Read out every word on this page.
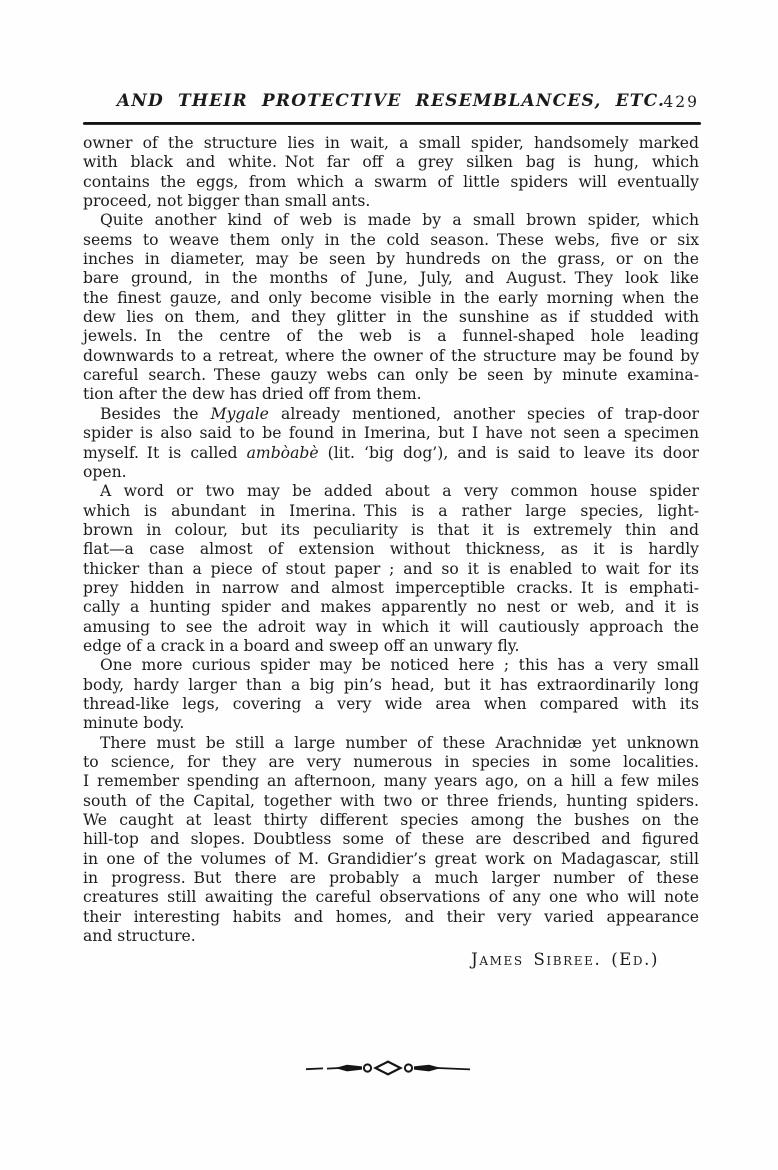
AND THEIR PROTECTIVE RESEMBLANCES, ETC.
429
owner of the structure lies in wait, a small spider, handsomely marked
with black and white. Not far off a grey silken bag is hung, which
contains the eggs, from which a swarm of little spiders will eventually
proceed, not bigger than small ants.
Quite another kind of web is made by a small brown spider, which
seems to weave them only in the cold season. These webs, five or six
inches in diameter, may be seen by hundreds on the grass, or on the
bare ground, in the months of June, July, and August. They look like
the finest gauze, and only become visible in the early morning when the
dew lies on them, and they glitter in the sunshine as if studded with
jewels. In the centre of the web is a funnel-shaped hole leading
downwards to a retreat, where the owner of the structure may be found by
careful search. These gauzy webs can only be seen by minute examina-
tion after the dew has dried off from them.
Besides the Mygale already mentioned, another species of trap-door
spider is also said to be found in Imerina, but I have not seen a specimen
myself. It is called ambòabè (lit. ‘big dog’), and is said to leave its door
open.
A word or two may be added about a very common house spider
which is abundant in Imerina. This is a rather large species, light-
brown in colour, but its peculiarity is that it is extremely thin and
flat—a case almost of extension without thickness, as it is hardly
thicker than a piece of stout paper ; and so it is enabled to wait for its
prey hidden in narrow and almost imperceptible cracks. It is emphati-
cally a hunting spider and makes apparently no nest or web, and it is
amusing to see the adroit way in which it will cautiously approach the
edge of a crack in a board and sweep off an unwary fly.
One more curious spider may be noticed here ; this has a very small
body, hardy larger than a big pin’s head, but it has extraordinarily long
thread-like legs, covering a very wide area when compared with its
minute body.
There must be still a large number of these Arachnidæ yet unknown
to science, for they are very numerous in species in some localities.
I remember spending an afternoon, many years ago, on a hill a few miles
south of the Capital, together with two or three friends, hunting spiders.
We caught at least thirty different species among the bushes on the
hill-top and slopes. Doubtless some of these are described and figured
in one of the volumes of M. Grandidier’s great work on Madagascar, still
in progress. But there are probably a much larger number of these
creatures still awaiting the careful observations of any one who will note
their interesting habits and homes, and their very varied appearance
and structure.
James Sibree. (Ed.)
